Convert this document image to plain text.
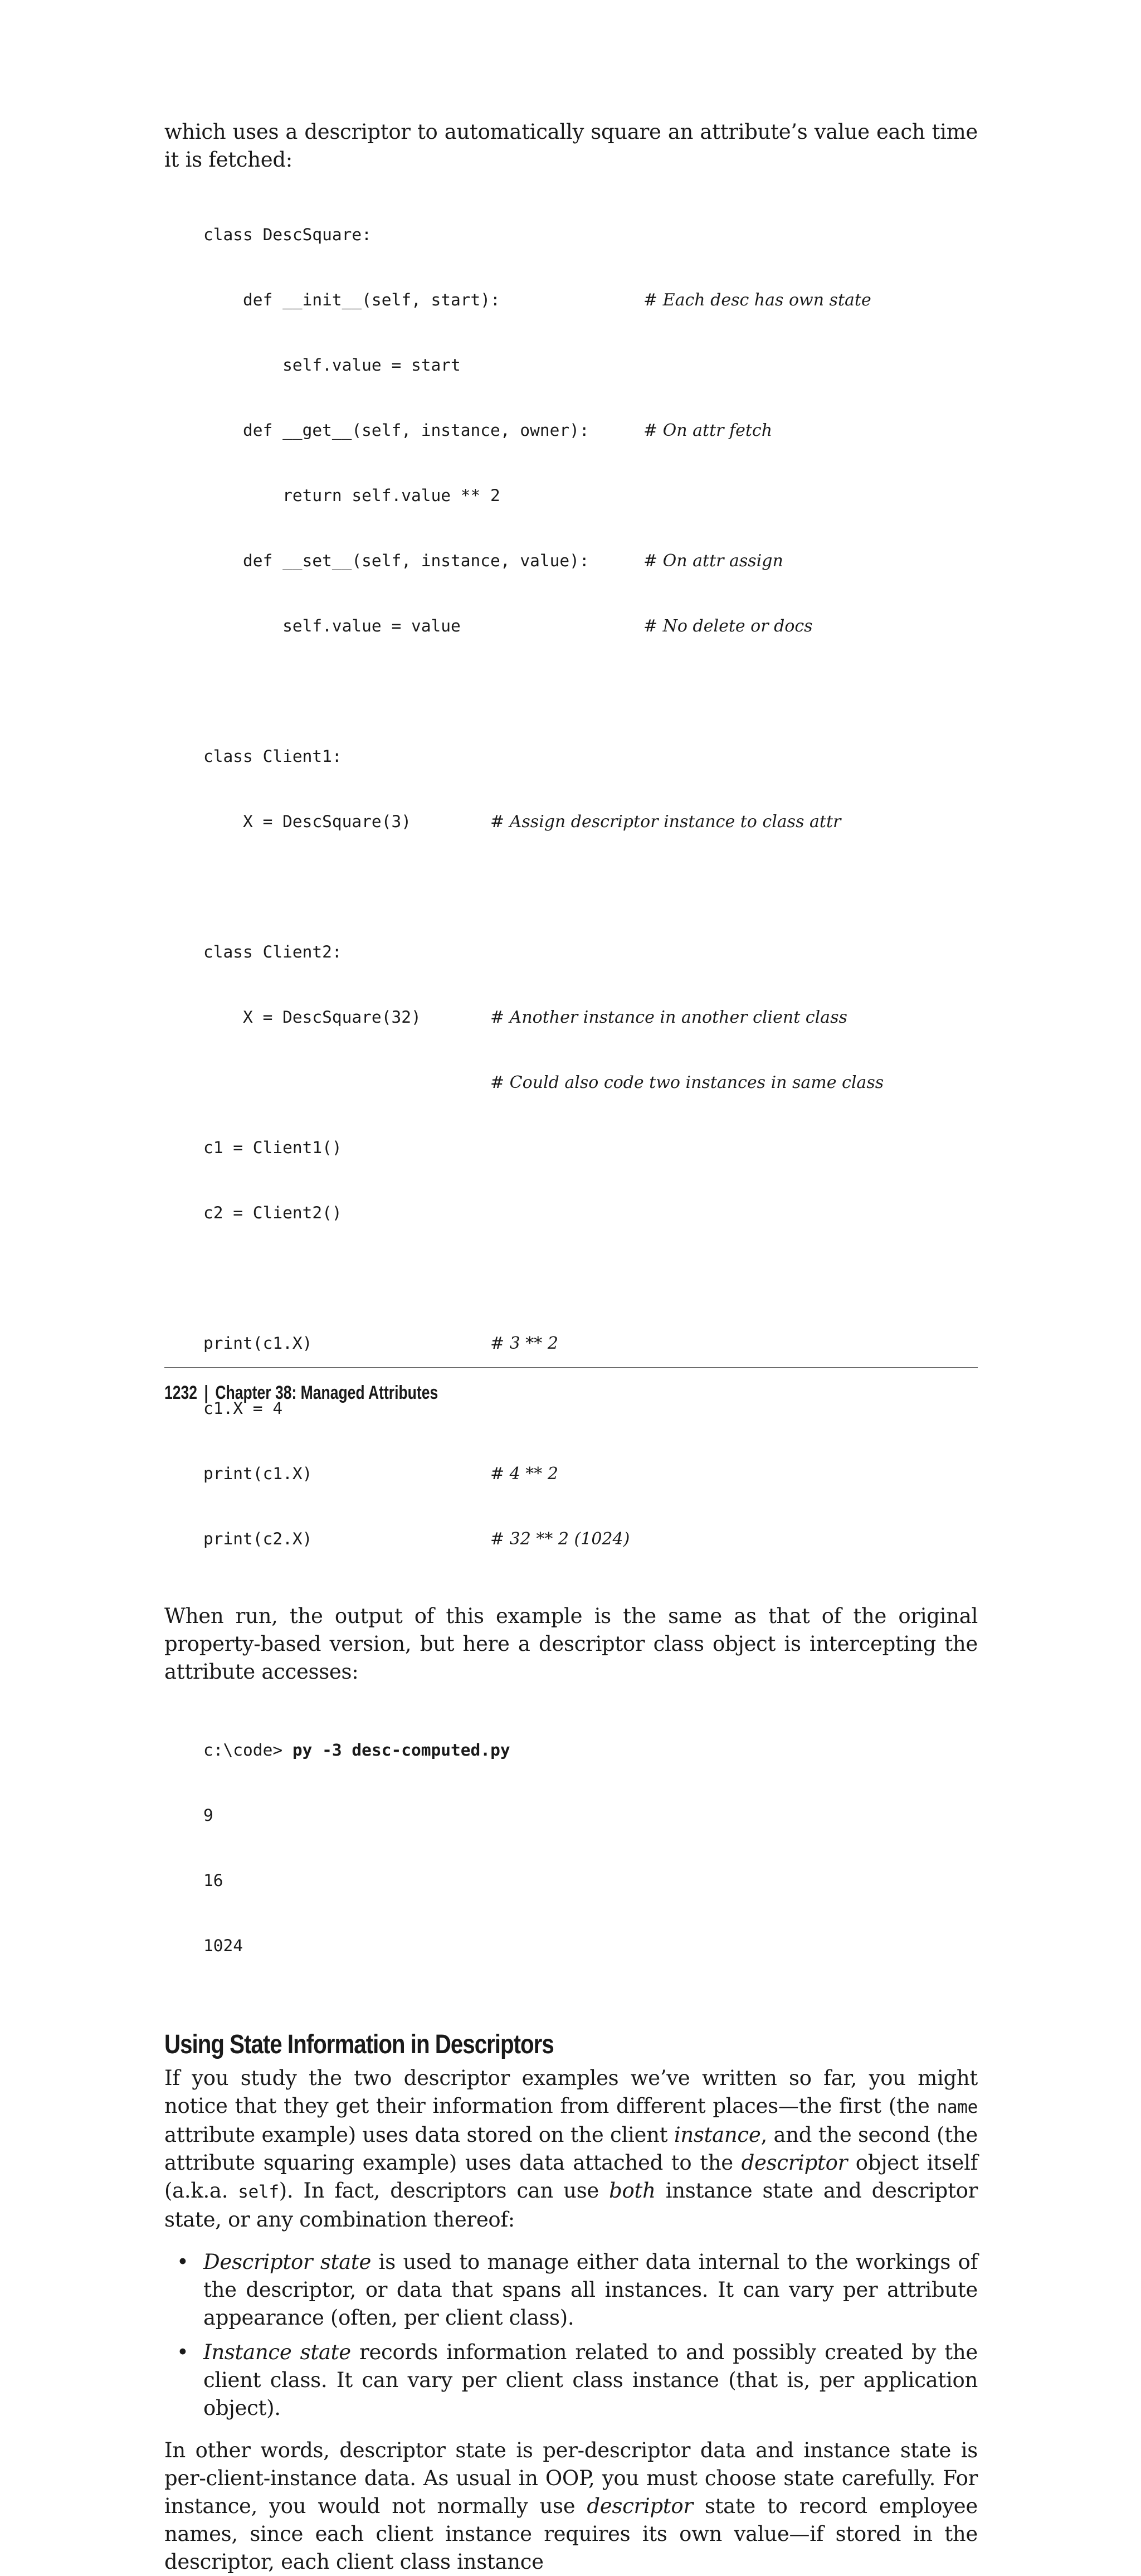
which uses a descriptor to automatically square an attribute’s value each time it is fetched:

class DescSquare:

def __init__(self, start):	# Each desc has own state

self.value = start

def __get__(self, instance, owner):	# On attr fetch

return self.value ** 2

def __set__(self, instance, value):	# On attr assign

self.value = value	# No delete or docs

class Client1:

X = DescSquare(3)	# Assign descriptor instance to class attr

class Client2:

X = DescSquare(32)	# Another instance in another client class

# Could also code two instances in same class

c1 = Client1()

c2 = Client2()

print(c1.X)	# 3 ** 2

c1.X = 4

print(c1.X)	# 4 ** 2

print(c2.X)	# 32 ** 2 (1024)

When run, the output of this example is the same as that of the original property-based version, but here a descriptor class object is intercepting the attribute accesses:

c:\code> py -3 desc-computed.py

9

16

1024

Using State Information in Descriptors

If you study the two descriptor examples we’ve written so far, you might notice that they get their information from different places—the first (the name attribute example) uses data stored on the client instance, and the second (the attribute squaring example) uses data attached to the descriptor object itself (a.k.a. self). In fact, descriptors can use both instance state and descriptor state, or any combination thereof:

• Descriptor state is used to manage either data internal to the workings of the descriptor, or data that spans all instances. It can vary per attribute appearance (often, per client class).
• Instance state records information related to and possibly created by the client class. It can vary per client class instance (that is, per application object).

In other words, descriptor state is per-descriptor data and instance state is per-client-instance data. As usual in OOP, you must choose state carefully. For instance, you would not normally use descriptor state to record employee names, since each client instance requires its own value—if stored in the descriptor, each client class instance

1232 | Chapter 38: Managed Attributes
